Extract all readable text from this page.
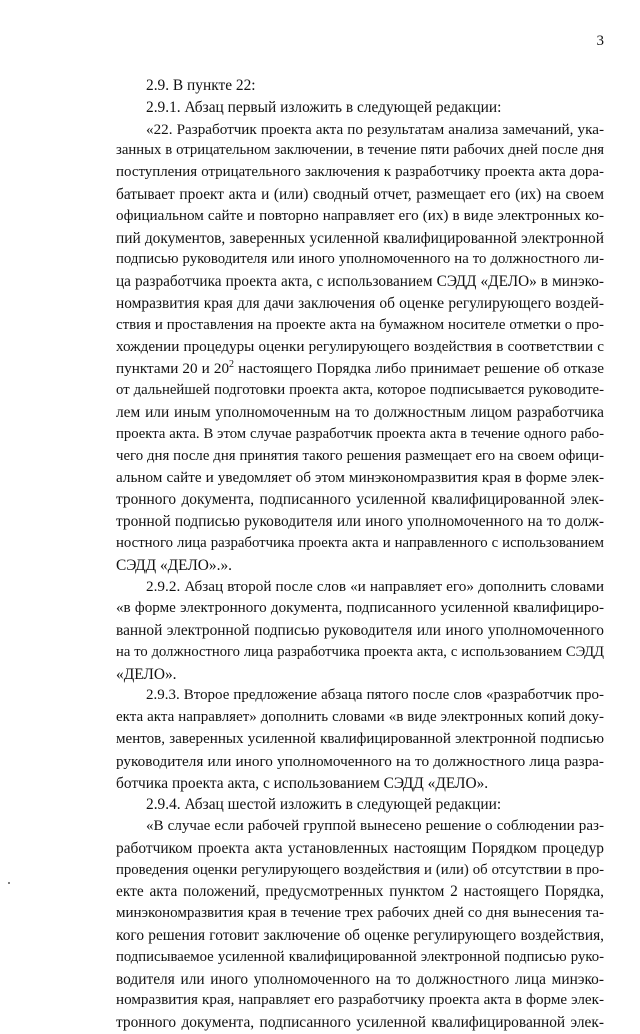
3
2.9. В пункте 22:
2.9.1. Абзац первый изложить в следующей редакции:
«22. Разработчик проекта акта по результатам анализа замечаний, ука-
занных в отрицательном заключении, в течение пяти рабочих дней после дня
поступления отрицательного заключения к разработчику проекта акта дора-
батывает проект акта и (или) сводный отчет, размещает его (их) на своем
официальном сайте и повторно направляет его (их) в виде электронных ко-
пий документов, заверенных усиленной квалифицированной электронной
подписью руководителя или иного уполномоченного на то должностного ли-
ца разработчика проекта акта, с использованием СЭДД «ДЕЛО» в минэко-
номразвития края для дачи заключения об оценке регулирующего воздей-
ствия и проставления на проекте акта на бумажном носителе отметки о про-
хождении процедуры оценки регулирующего воздействия в соответствии с
пунктами 20 и $20^2$ настоящего Порядка либо принимает решение об отказе
от дальнейшей подготовки проекта акта, которое подписывается руководите-
лем или иным уполномоченным на то должностным лицом разработчика
проекта акта. В этом случае разработчик проекта акта в течение одного рабо-
чего дня после дня принятия такого решения размещает его на своем офици-
альном сайте и уведомляет об этом минэкономразвития края в форме элек-
тронного документа, подписанного усиленной квалифицированной элек-
тронной подписью руководителя или иного уполномоченного на то долж-
ностного лица разработчика проекта акта и направленного с использованием
СЭДД «ДЕЛО».».
2.9.2. Абзац второй после слов «и направляет его» дополнить словами
«в форме электронного документа, подписанного усиленной квалифициро-
ванной электронной подписью руководителя или иного уполномоченного
на то должностного лица разработчика проекта акта, с использованием СЭДД
«ДЕЛО».
2.9.3. Второе предложение абзаца пятого после слов «разработчик про-
екта акта направляет» дополнить словами «в виде электронных копий доку-
ментов, заверенных усиленной квалифицированной электронной подписью
руководителя или иного уполномоченного на то должностного лица разра-
ботчика проекта акта, с использованием СЭДД «ДЕЛО».
2.9.4. Абзац шестой изложить в следующей редакции:
«В случае если рабочей группой вынесено решение о соблюдении раз-
работчиком проекта акта установленных настоящим Порядком процедур
проведения оценки регулирующего воздействия и (или) об отсутствии в про-
екте акта положений, предусмотренных пунктом 2 настоящего Порядка,
минэкономразвития края в течение трех рабочих дней со дня вынесения та-
кого решения готовит заключение об оценке регулирующего воздействия,
подписываемое усиленной квалифицированной электронной подписью руко-
водителя или иного уполномоченного на то должностного лица минэко-
номразвития края, направляет его разработчику проекта акта в форме элек-
тронного документа, подписанного усиленной квалифицированной элек-
